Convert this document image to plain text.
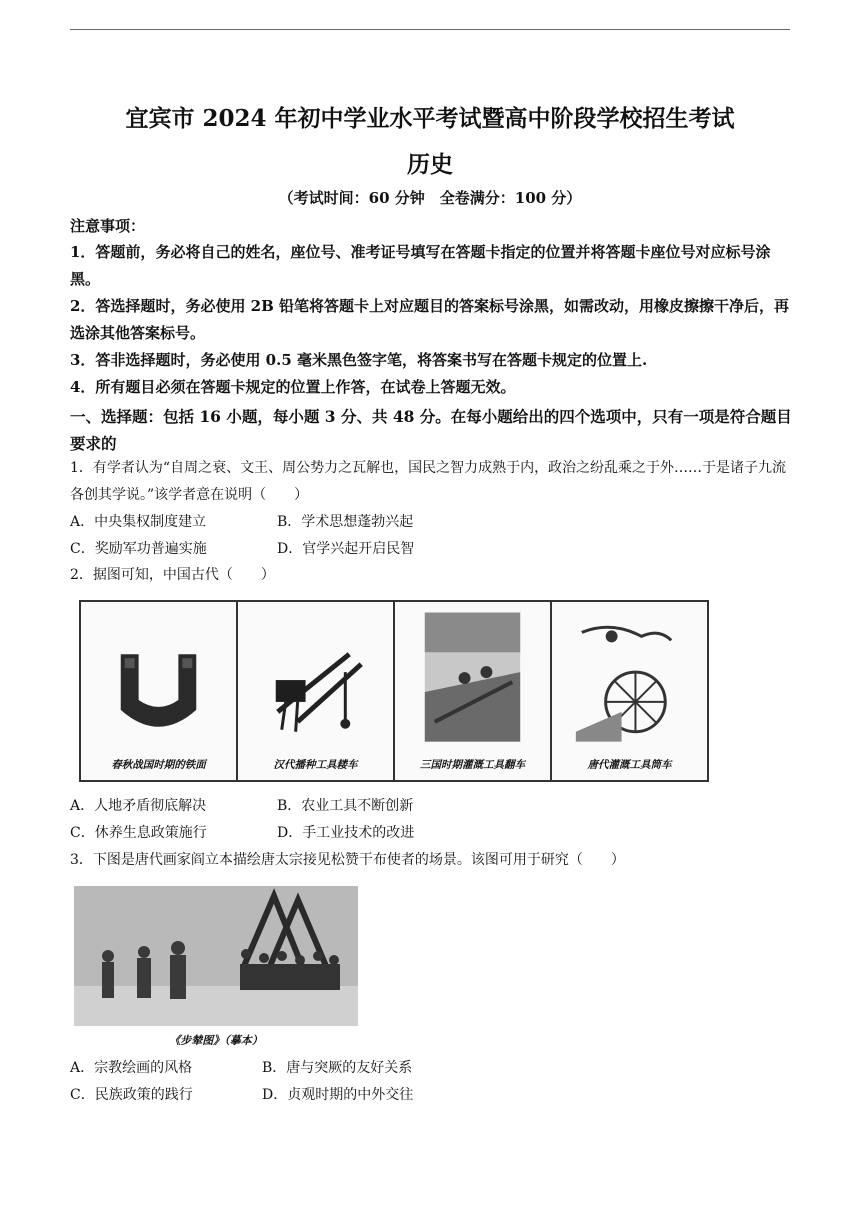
宜宾市 2024 年初中学业水平考试暨高中阶段学校招生考试
历史
（考试时间：60 分钟　全卷满分：100 分）
注意事项：
1．答题前，务必将自己的姓名，座位号、准考证号填写在答题卡指定的位置并将答题卡座位号对应标号涂黑。
2．答选择题时，务必使用 2B 铅笔将答题卡上对应题目的答案标号涂黑，如需改动，用橡皮擦擦干净后，再选涂其他答案标号。
3．答非选择题时，务必使用 0.5 毫米黑色签字笔，将答案书写在答题卡规定的位置上.
4．所有题目必须在答题卡规定的位置上作答，在试卷上答题无效。
一、选择题：包括 16 小题，每小题 3 分、共 48 分。在每小题给出的四个选项中，只有一项是符合题目要求的
1．有学者认为“自周之衰、文王、周公势力之瓦解也，国民之智力成熟于内，政治之纷乱乘之于外……于是诸子九流各创其学说。”该学者意在说明（　　）
A．中央集权制度建立	B．学术思想蓬勃兴起
C．奖励军功普遍实施	D．官学兴起开启民智
2．据图可知，中国古代（　　）
春秋战国时期的铁面	汉代播种工具耧车	三国时期灌溉工具翻车	唐代灌溉工具筒车
A．人地矛盾彻底解决	B．农业工具不断创新
C．休养生息政策施行	D．手工业技术的改进
3．下图是唐代画家阎立本描绘唐太宗接见松赞干布使者的场景。该图可用于研究（　　）
《步辇图》（摹本）
A．宗教绘画的风格	B．唐与突厥的友好关系
C．民族政策的践行	D．贞观时期的中外交往
